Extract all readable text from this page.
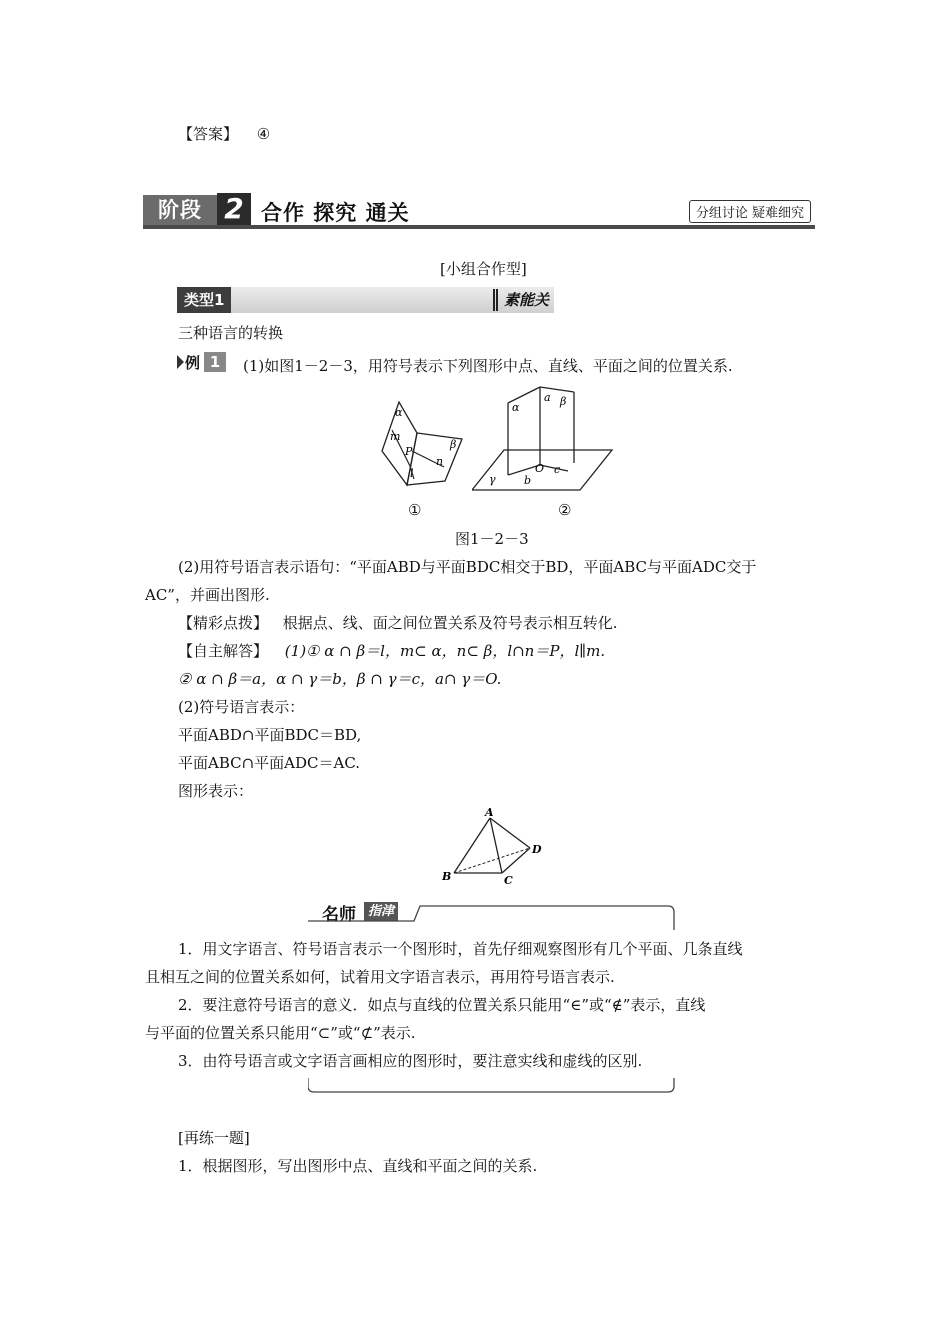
【答案】 ④
阶段 2 合作 探究 通关	分组讨论 疑难细究
[小组合作型]
类型1	素能关
三种语言的转换
例 1	(1)如图1－2－3，用符号表示下列图形中点、直线、平面之间的位置关系.
α
m
P
β
n
l
α
a β
O c
γ	b
①	②
图1－2－3
(2)用符号语言表示语句：“平面ABD与平面BDC相交于BD，平面ABC与平面ADC交于
AC”，并画出图形.
【精彩点拨】 根据点、线、面之间位置关系及符号表示相互转化.
【自主解答】 (1)① α ∩ β＝l，m⊂ α，n⊂ β，l∩n＝P，l∥m.
② α ∩ β＝a，α ∩ γ＝b，β ∩ γ＝c，a∩ γ＝O.
(2)符号语言表示：
平面ABD∩平面BDC＝BD,
平面ABC∩平面ADC＝AC.
图形表示：
A
B	C
D
名师 指津
1．用文字语言、符号语言表示一个图形时，首先仔细观察图形有几个平面、几条直线
且相互之间的位置关系如何，试着用文字语言表示，再用符号语言表示.
2．要注意符号语言的意义．如点与直线的位置关系只能用“∈”或“∉”表示，直线
与平面的位置关系只能用“⊂”或“⊄”表示.
3．由符号语言或文字语言画相应的图形时，要注意实线和虚线的区别.
[再练一题]
1．根据图形，写出图形中点、直线和平面之间的关系.
